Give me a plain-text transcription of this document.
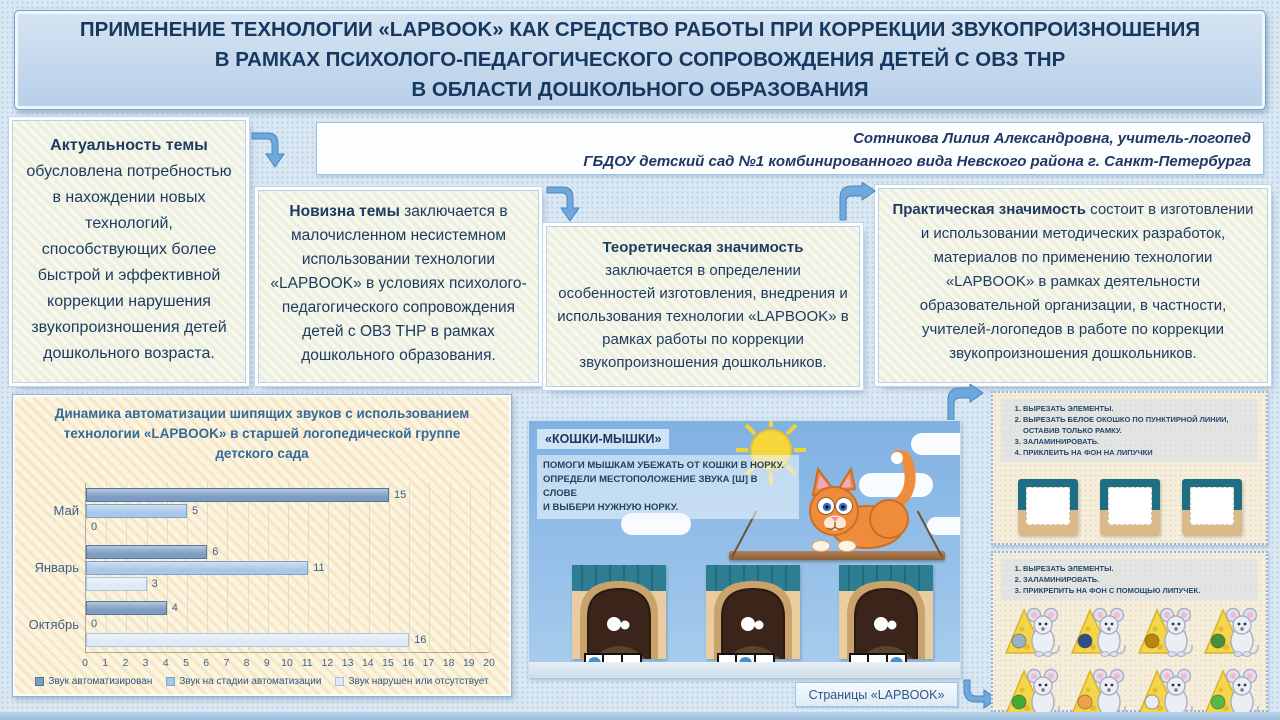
ПРИМЕНЕНИЕ ТЕХНОЛОГИИ «LAPBOOK» КАК СРЕДСТВО РАБОТЫ ПРИ КОРРЕКЦИИ ЗВУКОПРОИЗНОШЕНИЯ
В РАМКАХ ПСИХОЛОГО-ПЕДАГОГИЧЕСКОГО СОПРОВОЖДЕНИЯ ДЕТЕЙ С ОВЗ ТНР
В ОБЛАСТИ ДОШКОЛЬНОГО ОБРАЗОВАНИЯ
Сотникова Лилия Александровна, учитель-логопед
ГБДОУ детский сад №1 комбинированного вида Невского района г. Санкт-Петербурга
Актуальность темы обусловлена потребностью в нахождении новых технологий, способствующих более быстрой и эффективной коррекции нарушения звукопроизношения детей дошкольного возраста.
Новизна темы заключается в малочисленном несистемном использовании технологии «LAPBOOK» в условиях психолого-педагогического сопровождения детей с ОВЗ ТНР в рамках дошкольного образования.
Теоретическая значимость заключается в определении особенностей изготовления, внедрения и использования технологии «LAPBOOK» в рамках работы по коррекции звукопроизношения дошкольников.
Практическая значимость состоит в изготовлении и использовании методических разработок, материалов по применению технологии «LAPBOOK» в рамках деятельности образовательной организации, в частности, учителей-логопедов в работе по коррекции звукопроизношения дошкольников.
Динамика автоматизации шипящих звуков с использованием технологии «LAPBOOK» в старшей логопедической группе детского сада
15
5
0
6
11
3
4
0
16
Звук автоматизирован	Звук на стадии автоматизации	Звук нарушен или отсутствует
0 1 2 3 4 5 6 7 8 9 10 11 12 13 14 15 16 17 18 19 20
Май
Январь
Октябрь
«КОШКИ-МЫШКИ»
ПОМОГИ МЫШКАМ УБЕЖАТЬ ОТ КОШКИ В НОРКУ.
ОПРЕДЕЛИ МЕСТОПОЛОЖЕНИЕ ЗВУКА [Ш] В СЛОВЕ
И ВЫБЕРИ НУЖНУЮ НОРКУ.
Страницы «LAPBOOK»
1. ВЫРЕЗАТЬ ЭЛЕМЕНТЫ.
2. ВЫРЕЗАТЬ БЕЛОЕ ОКОШКО ПО ПУНКТИРНОЙ ЛИНИИ, ОСТАВИВ ТОЛЬКО РАМКУ.
3. ЗАЛАМИНИРОВАТЬ.
4. ПРИКЛЕИТЬ НА ФОН НА ЛИПУЧКИ
1. ВЫРЕЗАТЬ ЭЛЕМЕНТЫ.
2. ЗАЛАМИНИРОВАТЬ.
3. ПРИКРЕПИТЬ НА ФОН С ПОМОЩЬЮ ЛИПУЧЕК.
